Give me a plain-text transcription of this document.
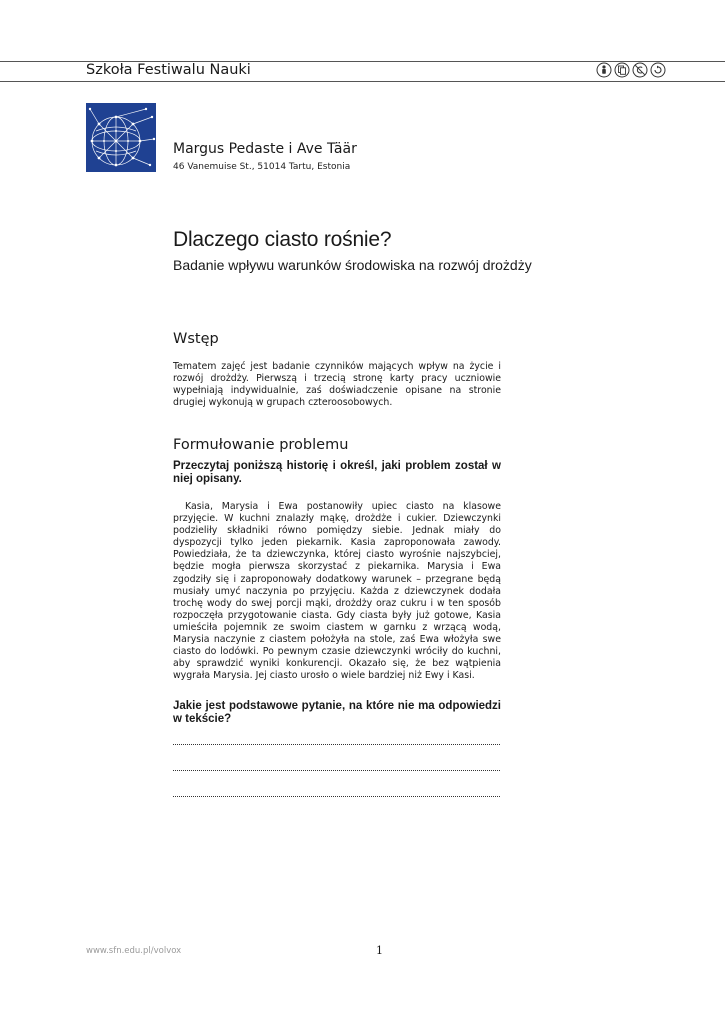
Szkoła Festiwalu Nauki
Margus Pedaste i Ave Täär
46 Vanemuise St., 51014 Tartu, Estonia
Dlaczego ciasto rośnie?
Badanie wpływu warunków środowiska na rozwój drożdży
Wstęp

Tematem zajęć jest badanie czynników mających wpływ na życie i rozwój drożdży. Pierwszą i trzecią stronę karty pracy uczniowie wypełniają indywidualnie, zaś doświadczenie opisane na stronie drugiej wykonują w grupach czteroosobowych.

Formułowanie problemu
Przeczytaj poniższą historię i określ, jaki problem został w niej opisany.

Kasia, Marysia i Ewa postanowiły upiec ciasto na klasowe przyjęcie. W kuchni znalazły mąkę, drożdże i cukier. Dziewczynki podzieliły składniki równo pomiędzy siebie. Jednak miały do dyspozycji tylko jeden piekarnik. Kasia zaproponowała zawody. Powiedziała, że ta dziewczynka, której ciasto wyrośnie najszybciej, będzie mogła pierwsza skorzystać z piekarnika. Marysia i Ewa zgodziły się i zaproponowały dodatkowy warunek – przegrane będą musiały umyć naczynia po przyjęciu. Każda z dziewczynek dodała trochę wody do swej porcji mąki, drożdży oraz cukru i w ten sposób rozpoczęła przygotowanie ciasta. Gdy ciasta były już gotowe, Kasia umieściła pojemnik ze swoim ciastem w garnku z wrzącą wodą, Marysia naczynie z ciastem położyła na stole, zaś Ewa włożyła swe ciasto do lodówki. Po pewnym czasie dziewczynki wróciły do kuchni, aby sprawdzić wyniki konkurencji. Okazało się, że bez wątpienia wygrała Marysia. Jej ciasto urosło o wiele bardziej niż Ewy i Kasi.

Jakie jest podstawowe pytanie, na które nie ma odpowiedzi w tekście?
www.sfn.edu.pl/volvox	1
